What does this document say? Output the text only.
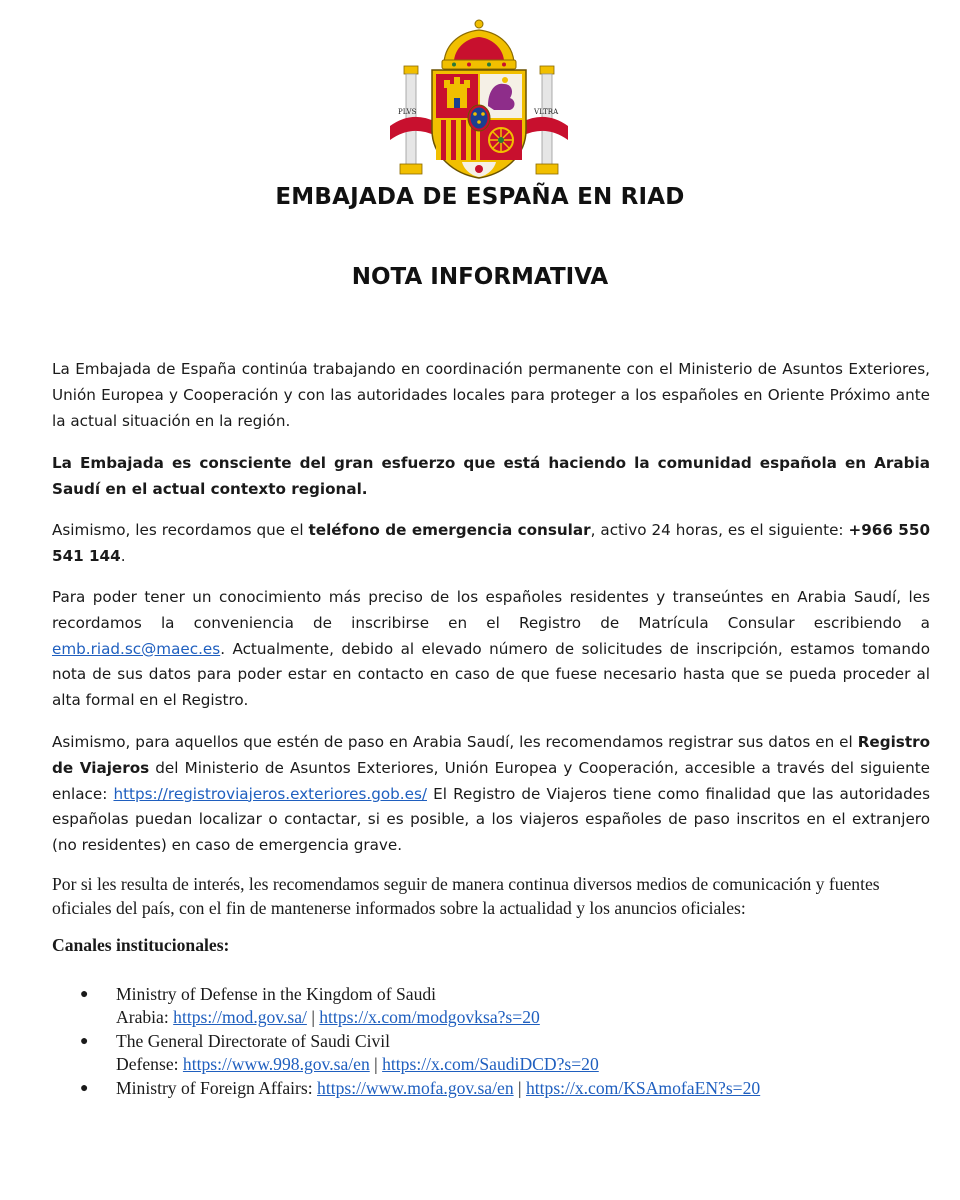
PLVS	VLTRA
EMBAJADA DE ESPAÑA EN RIAD
NOTA INFORMATIVA

La Embajada de España continúa trabajando en coordinación permanente con el Ministerio de Asuntos Exteriores, Unión Europea y Cooperación y con las autoridades locales para proteger a los españoles en Oriente Próximo ante la actual situación en la región.

La Embajada es consciente del gran esfuerzo que está haciendo la comunidad española en Arabia Saudí en el actual contexto regional.

Asimismo, les recordamos que el teléfono de emergencia consular, activo 24 horas, es el siguiente: +966 550 541 144.

Para poder tener un conocimiento más preciso de los españoles residentes y transeúntes en Arabia Saudí, les recordamos la conveniencia de inscribirse en el Registro de Matrícula Consular escribiendo a emb.riad.sc@maec.es. Actualmente, debido al elevado número de solicitudes de inscripción, estamos tomando nota de sus datos para poder estar en contacto en caso de que fuese necesario hasta que se pueda proceder al alta formal en el Registro.

Asimismo, para aquellos que estén de paso en Arabia Saudí, les recomendamos registrar sus datos en el Registro de Viajeros del Ministerio de Asuntos Exteriores, Unión Europea y Cooperación, accesible a través del siguiente enlace: https://registroviajeros.exteriores.gob.es/ El Registro de Viajeros tiene como finalidad que las autoridades españolas puedan localizar o contactar, si es posible, a los viajeros españoles de paso inscritos en el extranjero (no residentes) en caso de emergencia grave.

Por si les resulta de interés, les recomendamos seguir de manera continua diversos medios de comunicación y fuentes oficiales del país, con el fin de mantenerse informados sobre la actualidad y los anuncios oficiales:

Canales institucionales:

● Ministry of Defense in the Kingdom of Saudi
Arabia: https://mod.gov.sa/ | https://x.com/modgovksa?s=20
● The General Directorate of Saudi Civil
Defense: https://www.998.gov.sa/en | https://x.com/SaudiDCD?s=20
● Ministry of Foreign Affairs: https://www.mofa.gov.sa/en | https://x.com/KSAmofaEN?s=20
